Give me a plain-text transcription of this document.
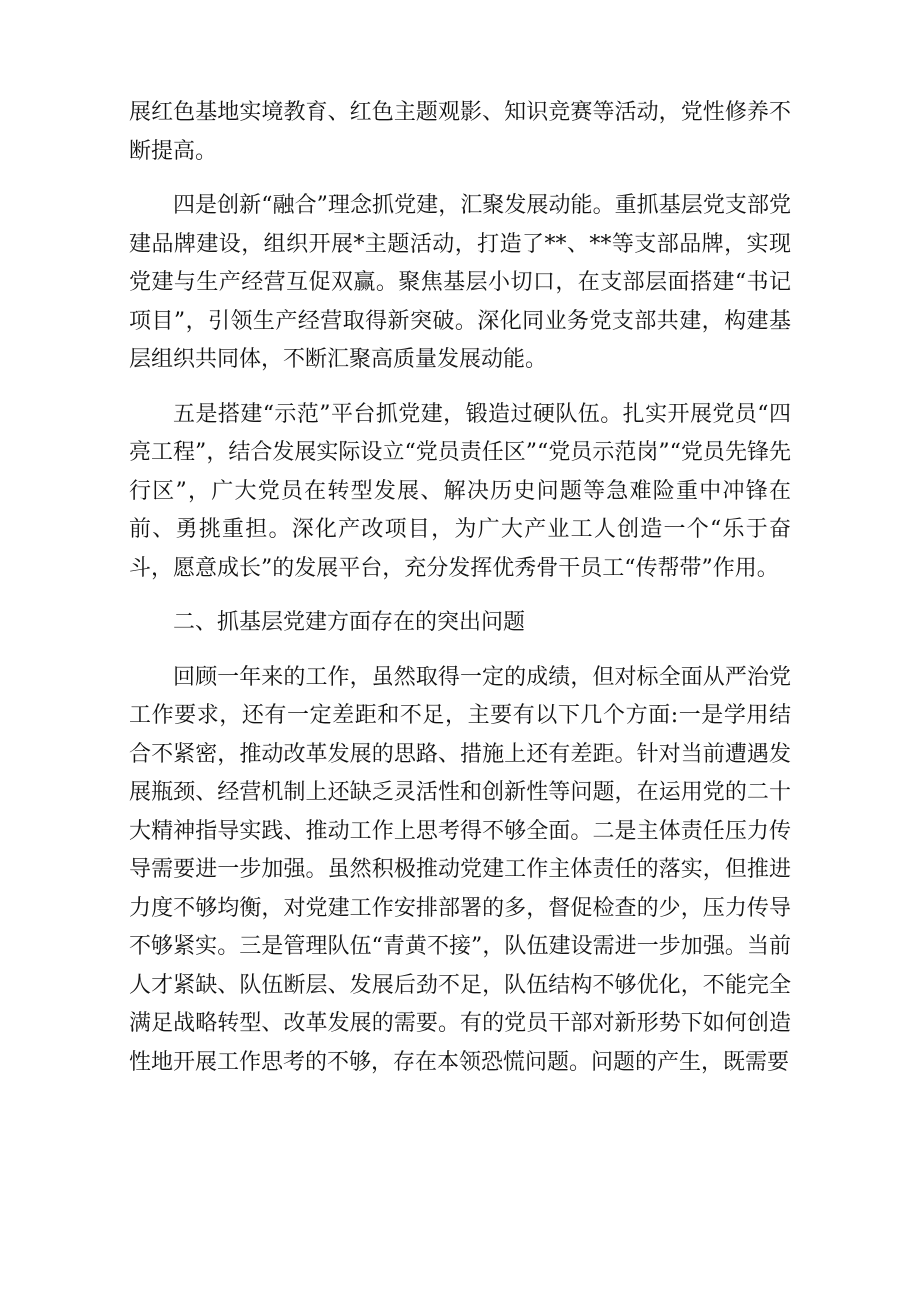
展红色基地实境教育、红色主题观影、知识竞赛等活动，党性修养不断提高。

四是创新“融合”理念抓党建，汇聚发展动能。重抓基层党支部党建品牌建设，组织开展*主题活动，打造了**、**等支部品牌，实现党建与生产经营互促双赢。聚焦基层小切口，在支部层面搭建“书记项目”，引领生产经营取得新突破。深化同业务党支部共建，构建基层组织共同体，不断汇聚高质量发展动能。

五是搭建“示范”平台抓党建，锻造过硬队伍。扎实开展党员“四亮工程”，结合发展实际设立“党员责任区”“党员示范岗”“党员先锋先行区”，广大党员在转型发展、解决历史问题等急难险重中冲锋在前、勇挑重担。深化产改项目，为广大产业工人创造一个“乐于奋斗，愿意成长”的发展平台，充分发挥优秀骨干员工“传帮带”作用。

二、抓基层党建方面存在的突出问题

回顾一年来的工作，虽然取得一定的成绩，但对标全面从严治党工作要求，还有一定差距和不足，主要有以下几个方面:一是学用结合不紧密，推动改革发展的思路、措施上还有差距。针对当前遭遇发展瓶颈、经营机制上还缺乏灵活性和创新性等问题，在运用党的二十大精神指导实践、推动工作上思考得不够全面。二是主体责任压力传导需要进一步加强。虽然积极推动党建工作主体责任的落实，但推进力度不够均衡，对党建工作安排部署的多，督促检查的少，压力传导不够紧实。三是管理队伍“青黄不接”，队伍建设需进一步加强。当前人才紧缺、队伍断层、发展后劲不足，队伍结构不够优化，不能完全满足战略转型、改革发展的需要。有的党员干部对新形势下如何创造性地开展工作思考的不够，存在本领恐慌问题。问题的产生，既需要
